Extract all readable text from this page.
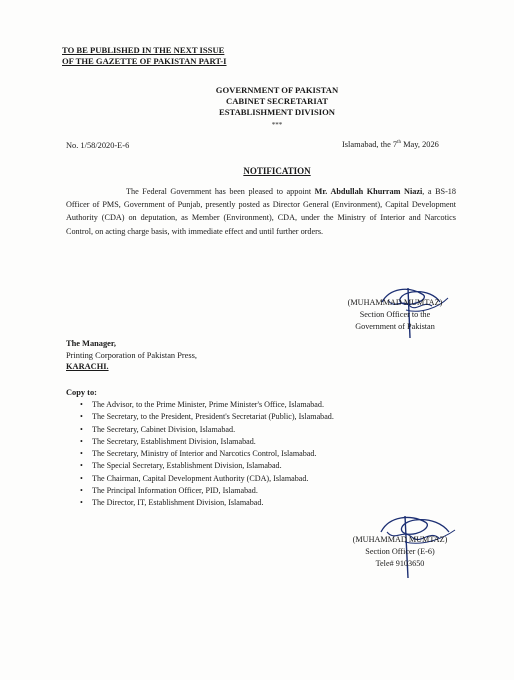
TO BE PUBLISHED IN THE NEXT ISSUE
OF THE GAZETTE OF PAKISTAN PART-I
GOVERNMENT OF PAKISTAN
CABINET SECRETARIAT
ESTABLISHMENT DIVISION
***
No. 1/58/2020-E-6	Islamabad, the 7th May, 2026
NOTIFICATION
The Federal Government has been pleased to appoint Mr. Abdullah Khurram Niazi, a BS-18 Officer of PMS, Government of Punjab, presently posted as Director General (Environment), Capital Development Authority (CDA) on deputation, as Member (Environment), CDA, under the Ministry of Interior and Narcotics Control, on acting charge basis, with immediate effect and until further orders.
(MUHAMMAD MUMTAZ)
Section Officer to the
Government of Pakistan
The Manager,
Printing Corporation of Pakistan Press,
KARACHI.
Copy to:
• The Advisor, to the Prime Minister, Prime Minister's Office, Islamabad.
• The Secretary, to the President, President's Secretariat (Public), Islamabad.
• The Secretary, Cabinet Division, Islamabad.
• The Secretary, Establishment Division, Islamabad.
• The Secretary, Ministry of Interior and Narcotics Control, Islamabad.
• The Special Secretary, Establishment Division, Islamabad.
• The Chairman, Capital Development Authority (CDA), Islamabad.
• The Principal Information Officer, PID, Islamabad.
• The Director, IT, Establishment Division, Islamabad.
(MUHAMMAD MUMTAZ)
Section Officer (E-6)
Tele# 9103650
